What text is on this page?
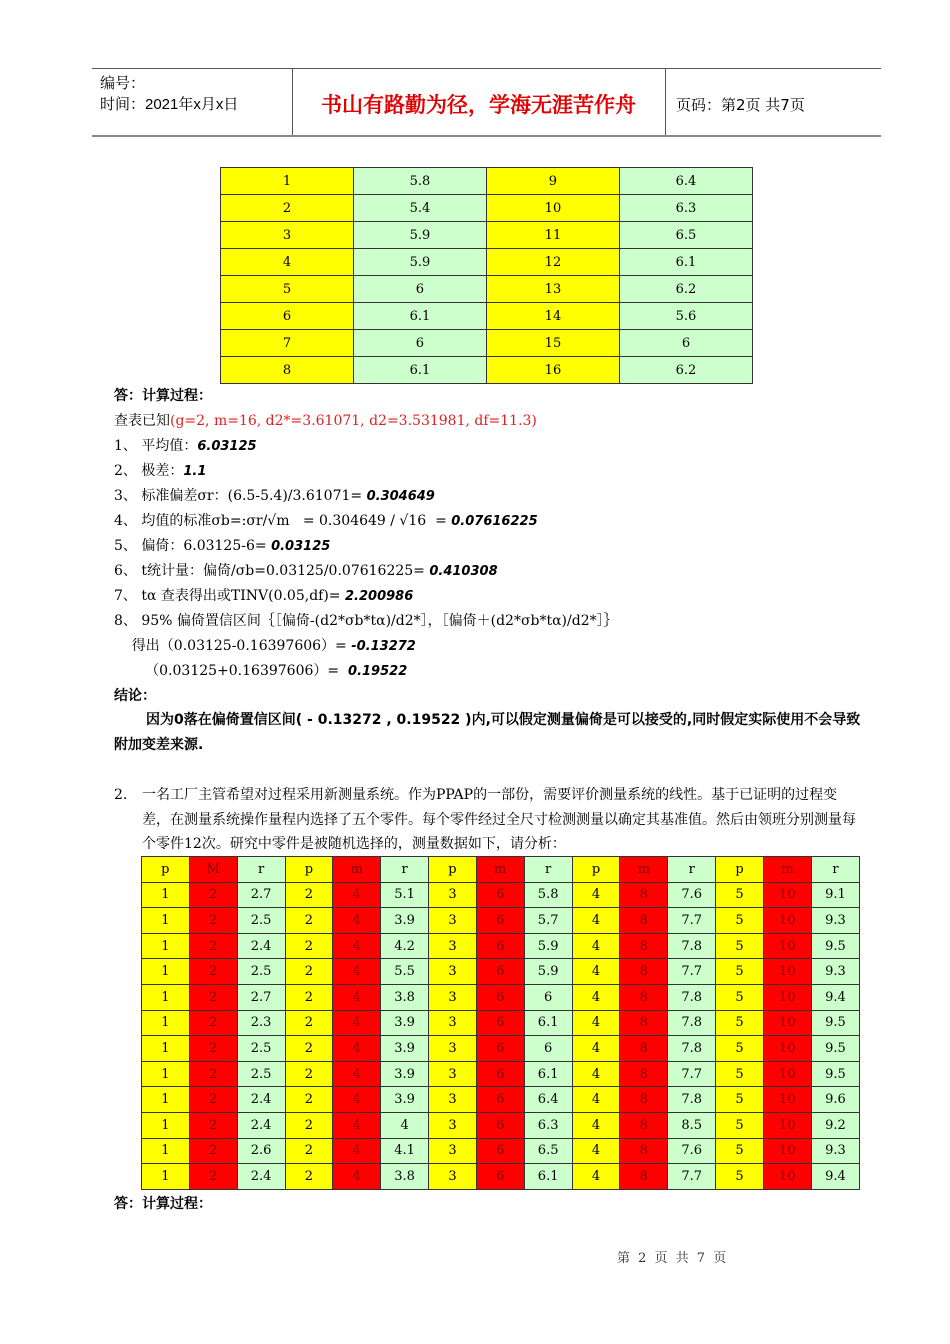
编号：
时间：2021年x月x日	书山有路勤为径，学海无涯苦作舟	页码：第2页 共7页
1	5.8	9	6.4
2	5.4	10	6.3
3	5.9	11	6.5
4	5.9	12	6.1
5	6	13	6.2
6	6.1	14	5.6
7	6	15	6
8	6.1	16	6.2
答：计算过程：
查表已知(g=2, m=16, d2*=3.61071, d2=3.531981, df=11.3)
1、 平均值：6.03125
2、 极差：1.1
3、 标准偏差σr：(6.5-5.4)/3.61071= 0.304649
4、 均值的标准σb=:σr/√m   = 0.304649 / √16  = 0.07616225
5、 偏倚：6.03125-6= 0.03125
6、 t统计量：偏倚/σb=0.03125/0.07616225= 0.410308
7、 tα 查表得出或TINV(0.05,df)= 2.200986
8、 95% 偏倚置信区间｛［偏倚-(d2*σb*tα)/d2*］，［偏倚＋(d2*σb*tα)/d2*］｝
得出（0.03125-0.16397606）= -0.13272
（0.03125+0.16397606）=  0.19522
结论：
因为0落在偏倚置信区间( - 0.13272 , 0.19522 )内,可以假定测量偏倚是可以接受的,同时假定实际使用不会导致附加变差来源.
2. 一名工厂主管希望对过程采用新测量系统。作为PPAP的一部份，需要评价测量系统的线性。基于已证明的过程变差，在测量系统操作量程内选择了五个零件。每个零件经过全尺寸检测测量以确定其基准值。然后由领班分别测量每个零件12次。研究中零件是被随机选择的，测量数据如下，请分析：
p	M	r	p	m	r	p	m	r	p	m	r	p	m	r
1	2	2.7	2	4	5.1	3	6	5.8	4	8	7.6	5	10	9.1
1	2	2.5	2	4	3.9	3	6	5.7	4	8	7.7	5	10	9.3
1	2	2.4	2	4	4.2	3	6	5.9	4	8	7.8	5	10	9.5
1	2	2.5	2	4	5.5	3	6	5.9	4	8	7.7	5	10	9.3
1	2	2.7	2	4	3.8	3	6	6	4	8	7.8	5	10	9.4
1	2	2.3	2	4	3.9	3	6	6.1	4	8	7.8	5	10	9.5
1	2	2.5	2	4	3.9	3	6	6	4	8	7.8	5	10	9.5
1	2	2.5	2	4	3.9	3	6	6.1	4	8	7.7	5	10	9.5
1	2	2.4	2	4	3.9	3	6	6.4	4	8	7.8	5	10	9.6
1	2	2.4	2	4	4	3	6	6.3	4	8	8.5	5	10	9.2
1	2	2.6	2	4	4.1	3	6	6.5	4	8	7.6	5	10	9.3
1	2	2.4	2	4	3.8	3	6	6.1	4	8	7.7	5	10	9.4
答：计算过程：
第 2 页 共 7 页
